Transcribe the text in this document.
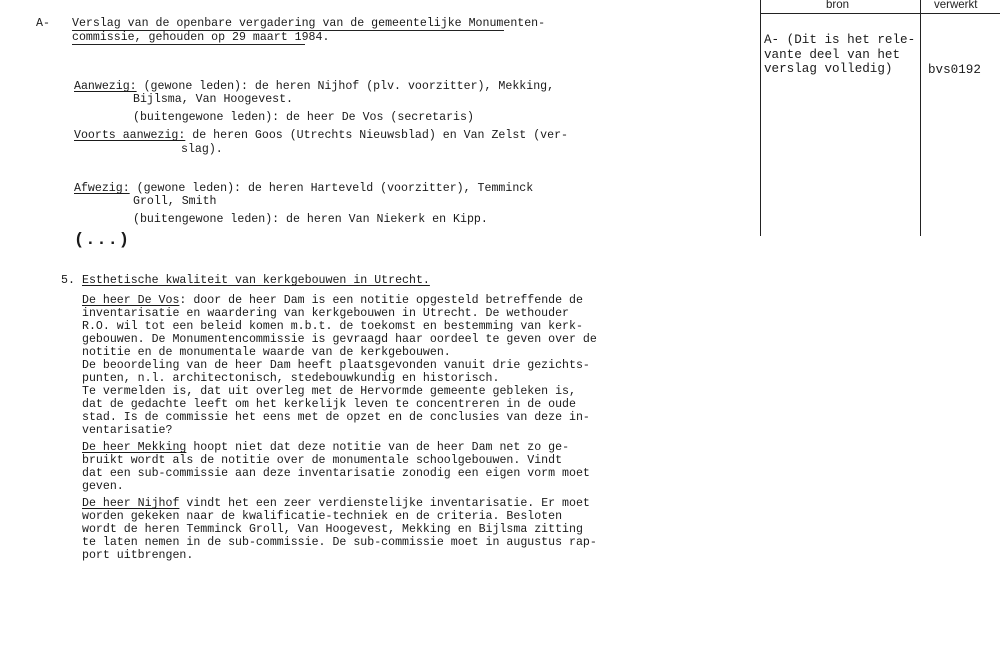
A- Verslag van de openbare vergadering van de gemeentelijke Monumenten-
commissie, gehouden op 29 maart 1984.
Aanwezig: (gewone leden): de heren Nijhof (plv. voorzitter), Mekking,
Bijlsma, Van Hoogevest.
(buitengewone leden): de heer De Vos (secretaris)
Voorts aanwezig: de heren Goos (Utrechts Nieuwsblad) en Van Zelst (ver-
slag).
Afwezig: (gewone leden): de heren Harteveld (voorzitter), Temminck
Groll, Smith
(buitengewone leden): de heren Van Niekerk en Kipp.
(...)
5. Esthetische kwaliteit van kerkgebouwen in Utrecht.
De heer De Vos: door de heer Dam is een notitie opgesteld betreffende de
inventarisatie en waardering van kerkgebouwen in Utrecht. De wethouder
R.O. wil tot een beleid komen m.b.t. de toekomst en bestemming van kerk-
gebouwen. De Monumentencommissie is gevraagd haar oordeel te geven over de
notitie en de monumentale waarde van de kerkgebouwen.
De beoordeling van de heer Dam heeft plaatsgevonden vanuit drie gezichts-
punten, n.l. architectonisch, stedebouwkundig en historisch.
Te vermelden is, dat uit overleg met de Hervormde gemeente gebleken is,
dat de gedachte leeft om het kerkelijk leven te concentreren in de oude
stad. Is de commissie het eens met de opzet en de conclusies van deze in-
ventarisatie?
De heer Mekking hoopt niet dat deze notitie van de heer Dam net zo ge-
bruikt wordt als de notitie over de monumentale schoolgebouwen. Vindt
dat een sub-commissie aan deze inventarisatie zonodig een eigen vorm moet
geven.
De heer Nijhof vindt het een zeer verdienstelijke inventarisatie. Er moet
worden gekeken naar de kwalificatie-techniek en de criteria. Besloten
wordt de heren Temminck Groll, Van Hoogevest, Mekking en Bijlsma zitting
te laten nemen in de sub-commissie. De sub-commissie moet in augustus rap-
port uitbrengen.
bron	verwerkt
A- (Dit is het rele-
vante deel van het
verslag volledig)	bvs0192
